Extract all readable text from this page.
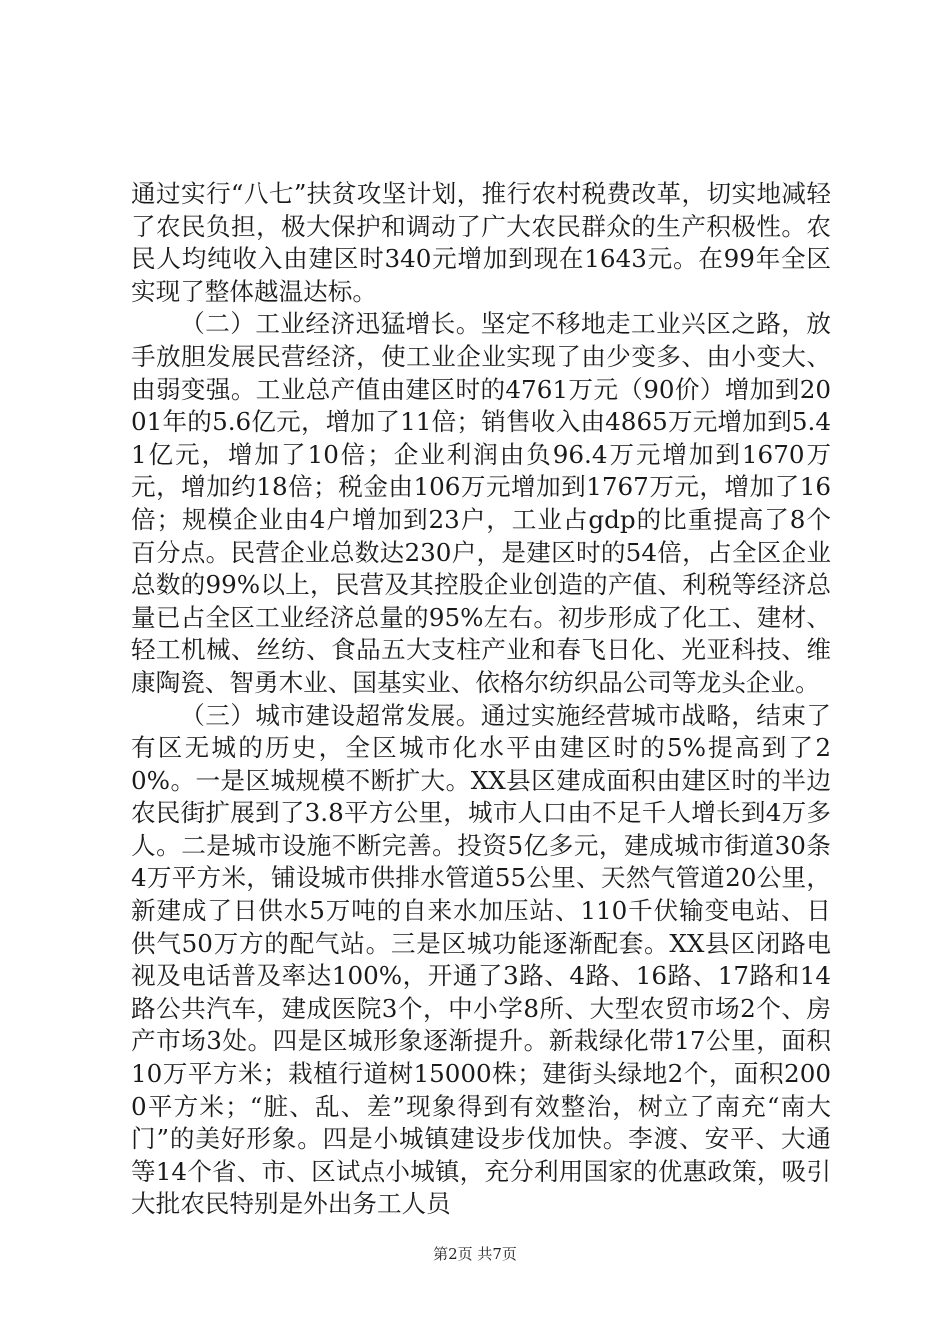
通过实行“八七”扶贫攻坚计划，推行农村税费改革，切实地减轻了农民负担，极大保护和调动了广大农民群众的生产积极性。农民人均纯收入由建区时340元增加到现在1643元。在99年全区实现了整体越温达标。

（二）工业经济迅猛增长。坚定不移地走工业兴区之路，放手放胆发展民营经济，使工业企业实现了由少变多、由小变大、由弱变强。工业总产值由建区时的4761万元（90价）增加到2001年的5.6亿元，增加了11倍；销售收入由4865万元增加到5.41亿元，增加了10倍；企业利润由负96.4万元增加到1670万元，增加约18倍；税金由106万元增加到1767万元，增加了16倍；规模企业由4户增加到23户，工业占gdp的比重提高了8个百分点。民营企业总数达230户，是建区时的54倍，占全区企业总数的99%以上，民营及其控股企业创造的产值、利税等经济总量已占全区工业经济总量的95%左右。初步形成了化工、建材、轻工机械、丝纺、食品五大支柱产业和春飞日化、光亚科技、维康陶瓷、智勇木业、国基实业、依格尔纺织品公司等龙头企业。

（三）城市建设超常发展。通过实施经营城市战略，结束了有区无城的历史，全区城市化水平由建区时的5%提高到了20%。一是区城规模不断扩大。XX县区建成面积由建区时的半边农民街扩展到了3.8平方公里，城市人口由不足千人增长到4万多人。二是城市设施不断完善。投资5亿多元，建成城市街道30条4万平方米，铺设城市供排水管道55公里、天然气管道20公里，新建成了日供水5万吨的自来水加压站、110千伏输变电站、日供气50万方的配气站。三是区城功能逐渐配套。XX县区闭路电视及电话普及率达100%，开通了3路、4路、16路、17路和14路公共汽车，建成医院3个，中小学8所、大型农贸市场2个、房产市场3处。四是区城形象逐渐提升。新栽绿化带17公里，面积10万平方米；栽植行道树15000株；建街头绿地2个，面积2000平方米；“脏、乱、差”现象得到有效整治，树立了南充“南大门”的美好形象。四是小城镇建设步伐加快。李渡、安平、大通等14个省、市、区试点小城镇，充分利用国家的优惠政策，吸引大批农民特别是外出务工人员

第2页 共7页
